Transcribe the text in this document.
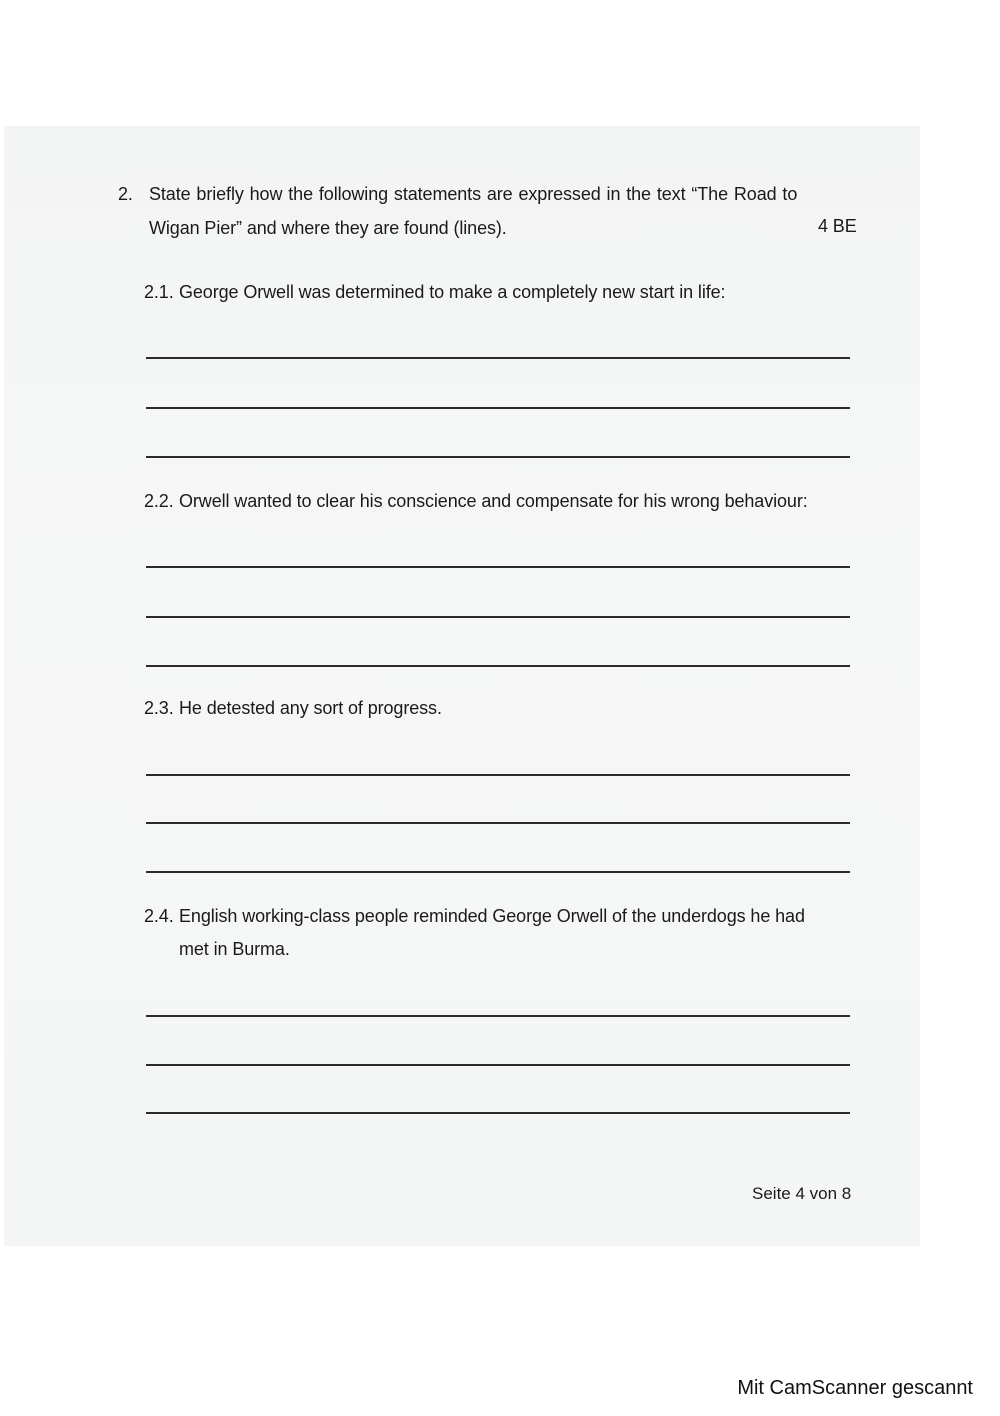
2. State briefly how the following statements are expressed in the text “The Road to
Wigan Pier” and where they are found (lines).	4 BE
2.1. George Orwell was determined to make a completely new start in life:
2.2. Orwell wanted to clear his conscience and compensate for his wrong behaviour:
2.3. He detested any sort of progress.
2.4. English working-class people reminded George Orwell of the underdogs he had
met in Burma.
Seite 4 von 8
Mit CamScanner gescannt
